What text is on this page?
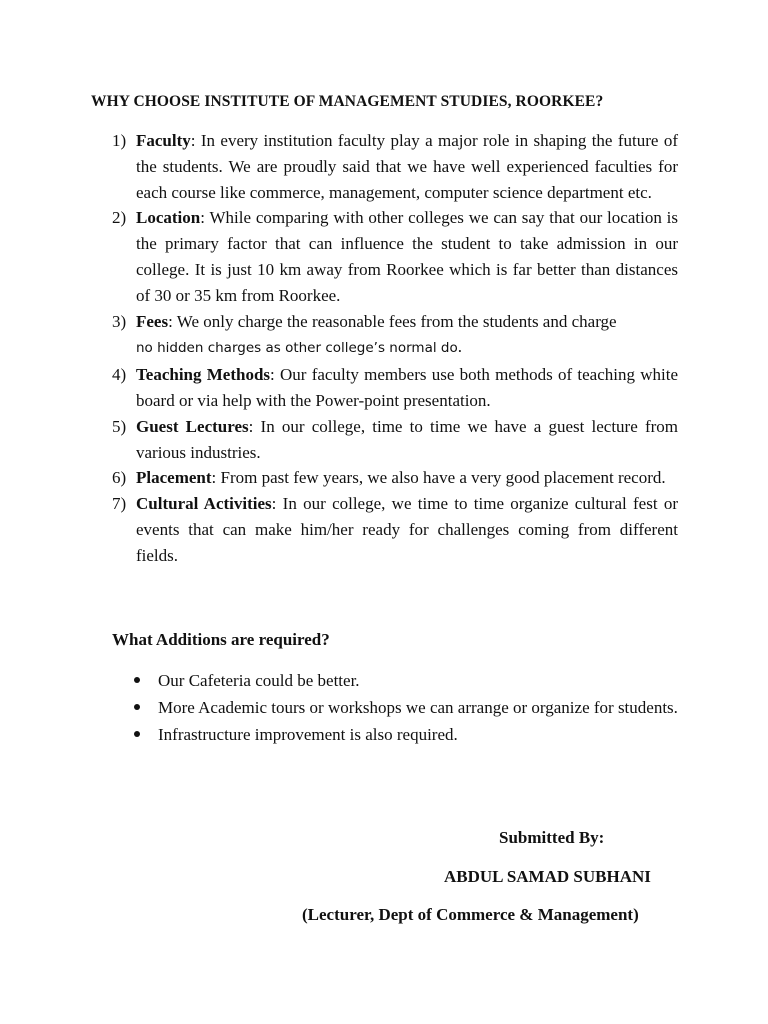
WHY CHOOSE INSTITUTE OF MANAGEMENT STUDIES, ROORKEE?
1) Faculty: In every institution faculty play a major role in shaping the future of the students. We are proudly said that we have well experienced faculties for each course like commerce, management, computer science department etc.
2) Location: While comparing with other colleges we can say that our location is the primary factor that can influence the student to take admission in our college. It is just 10 km away from Roorkee which is far better than distances of 30 or 35 km from Roorkee.
3) Fees: We only charge the reasonable fees from the students and charge
no hidden charges as other college’s normal do.
4) Teaching Methods: Our faculty members use both methods of teaching white board or via help with the Power-point presentation.
5) Guest Lectures: In our college, time to time we have a guest lecture from various industries.
6) Placement: From past few years, we also have a very good placement record.
7) Cultural Activities: In our college, we time to time organize cultural fest or events that can make him/her ready for challenges coming from different fields.
What Additions are required?
Our Cafeteria could be better.
More Academic tours or workshops we can arrange or organize for students.
Infrastructure improvement is also required.
Submitted By:
ABDUL SAMAD SUBHANI
(Lecturer, Dept of Commerce & Management)
